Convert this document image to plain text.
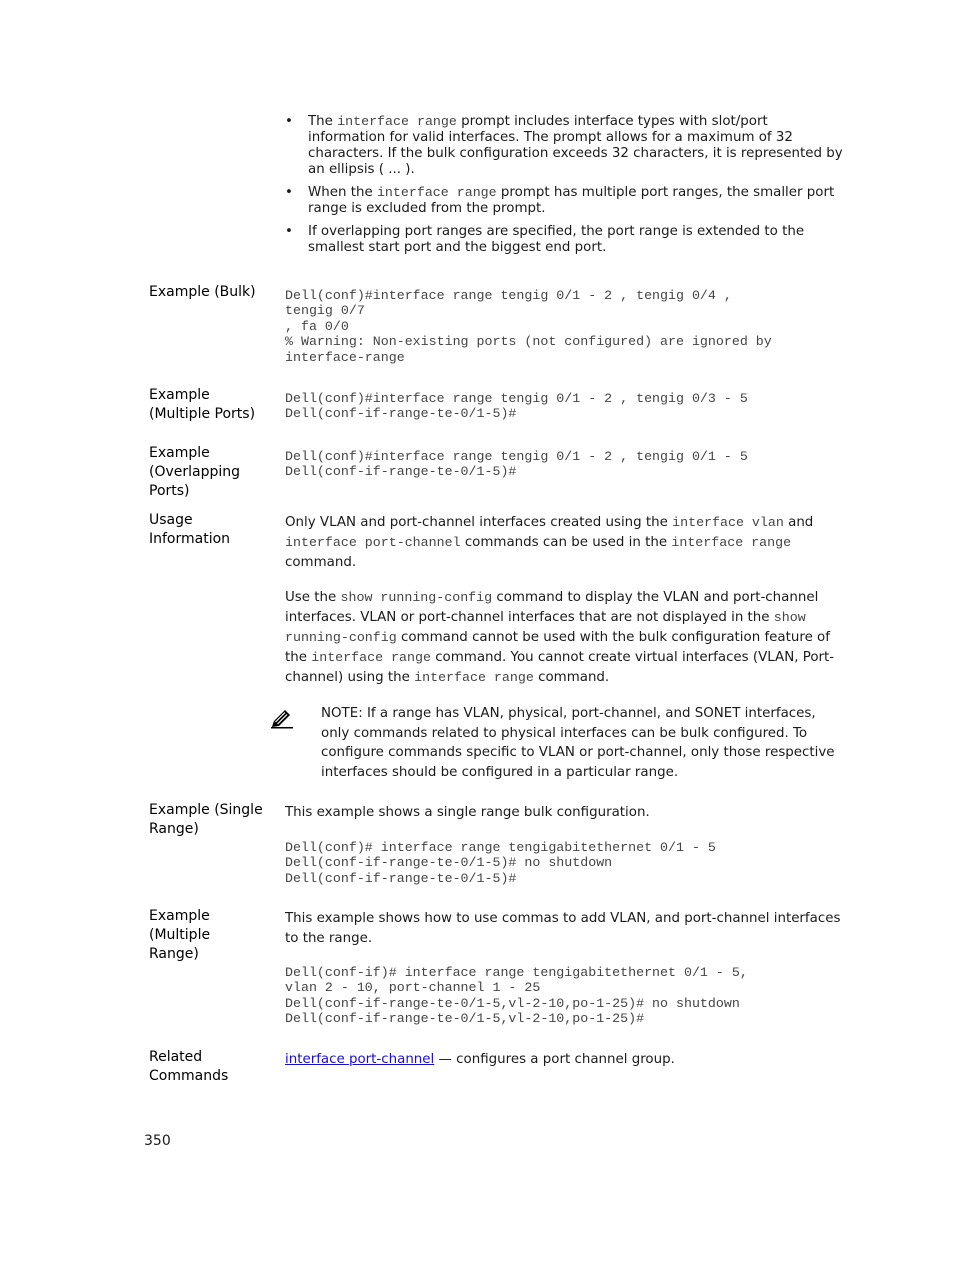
• The interface range prompt includes interface types with slot/port information for valid interfaces. The prompt allows for a maximum of 32 characters. If the bulk configuration exceeds 32 characters, it is represented by an ellipsis ( ... ).
• When the interface range prompt has multiple port ranges, the smaller port range is excluded from the prompt.
• If overlapping port ranges are specified, the port range is extended to the smallest start port and the biggest end port.
Example (Bulk)	Dell(conf)#interface range tengig 0/1 - 2 , tengig 0/4 ,
tengig 0/7
, fa 0/0
% Warning: Non-existing ports (not configured) are ignored by
interface-range
Example
(Multiple Ports)
Dell(conf)#interface range tengig 0/1 - 2 , tengig 0/3 - 5
Dell(conf-if-range-te-0/1-5)#
Example
(Overlapping
Ports)
Dell(conf)#interface range tengig 0/1 - 2 , tengig 0/1 - 5
Dell(conf-if-range-te-0/1-5)#
Usage
Information

Only VLAN and port-channel interfaces created using the interface vlan and interface port-channel commands can be used in the interface range command.

Use the show running-config command to display the VLAN and port-channel interfaces. VLAN or port-channel interfaces that are not displayed in the show running-config command cannot be used with the bulk configuration feature of the interface range command. You cannot create virtual interfaces (VLAN, Port-channel) using the interface range command.

NOTE: If a range has VLAN, physical, port-channel, and SONET interfaces, only commands related to physical interfaces can be bulk configured. To configure commands specific to VLAN or port-channel, only those respective interfaces should be configured in a particular range.
Example (Single
Range)

This example shows a single range bulk configuration.

Dell(conf)# interface range tengigabitethernet 0/1 - 5
Dell(conf-if-range-te-0/1-5)# no shutdown
Dell(conf-if-range-te-0/1-5)#
Example
(Multiple
Range)

This example shows how to use commas to add VLAN, and port-channel interfaces to the range.

Dell(conf-if)# interface range tengigabitethernet 0/1 - 5,
vlan 2 - 10, port-channel 1 - 25
Dell(conf-if-range-te-0/1-5,vl-2-10,po-1-25)# no shutdown
Dell(conf-if-range-te-0/1-5,vl-2-10,po-1-25)#
Related
Commands

interface port-channel — configures a port channel group.

350
